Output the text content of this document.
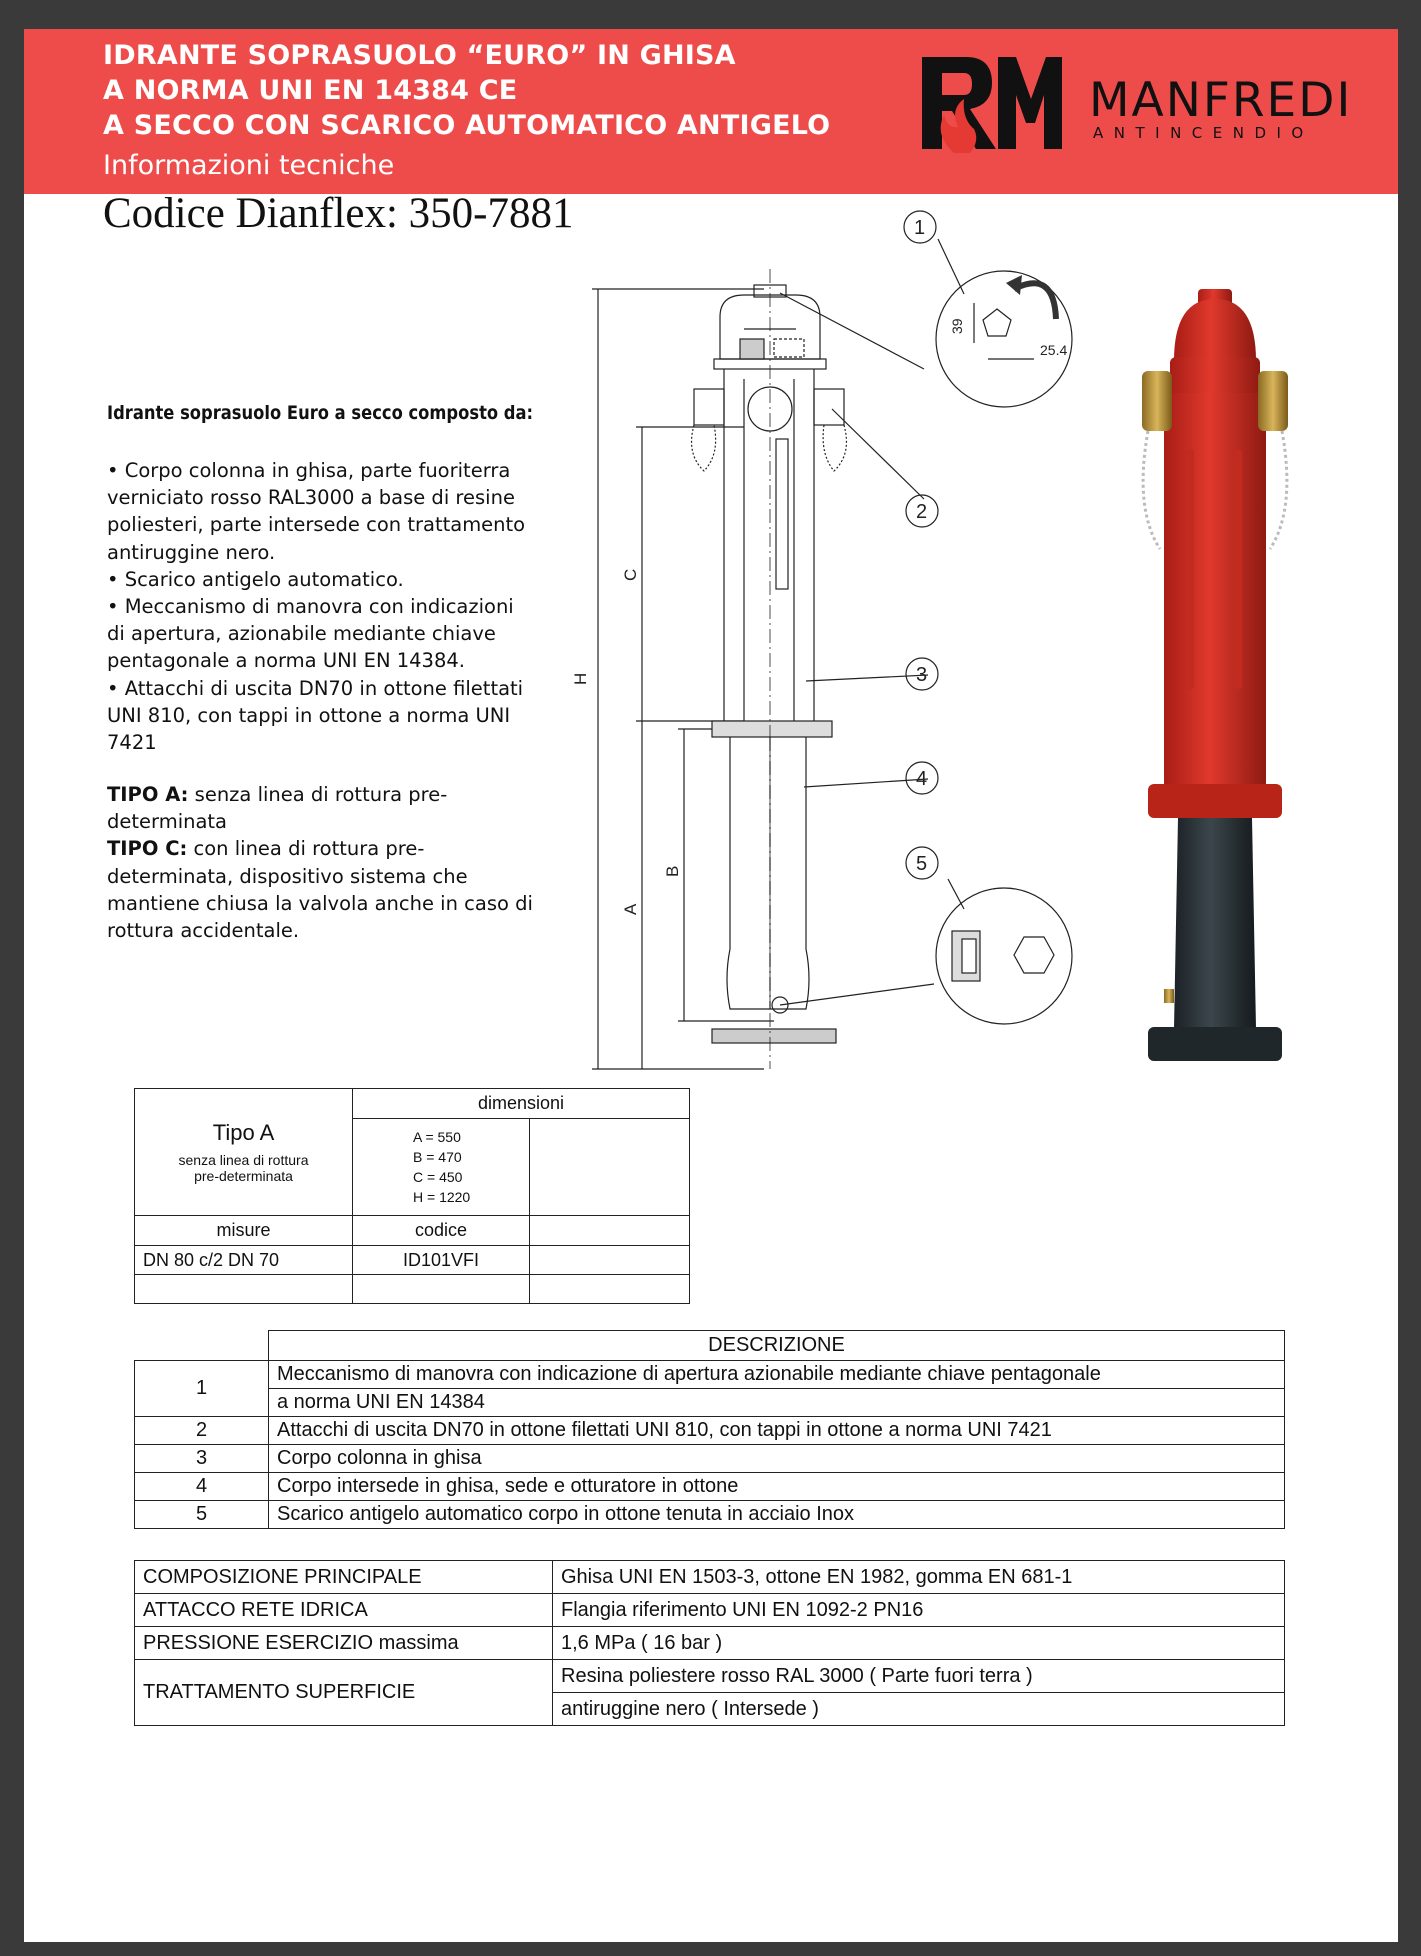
IDRANTE SOPRASUOLO “EURO” IN GHISA
A NORMA UNI EN 14384 CE
A SECCO CON SCARICO AUTOMATICO ANTIGELO
Informazioni tecniche
MANFREDI
ANTINCENDIO
Codice Dianflex: 350-7881
Idrante soprasuolo Euro a secco composto da:

• Corpo colonna in ghisa, parte fuoriterra verniciato rosso RAL3000 a base di resine poliesteri, parte intersede con trattamento antiruggine nero.

• Scarico antigelo automatico.

• Meccanismo di manovra con indicazioni di apertura, azionabile mediante chiave pentagonale a norma UNI EN 14384.

• Attacchi di uscita DN70 in ottone filettati UNI 810, con tappi in ottone a norma UNI 7421

TIPO A: senza linea di rottura pre-determinata

TIPO C: con linea di rottura pre-determinata, dispositivo sistema che mantiene chiusa la valvola anche in caso di rottura accidentale.

H
C
A
B
1
2
3
4
5
39
25.4
Tipo A
senza linea di rottura
pre-determinata	dimensioni	

	A = 550
B = 470
C = 450
H = 1220	

misure	codice	
DN 80 c/2 DN 70	ID101VFI	

	DESCRIZIONE
1	Meccanismo di manovra con indicazione di apertura azionabile mediante chiave pentagonale
	a norma UNI EN 14384
2	Attacchi di uscita DN70 in ottone filettati UNI 810, con tappi in ottone a norma UNI 7421
3	Corpo colonna in ghisa
4	Corpo intersede in ghisa, sede e otturatore in ottone
5	Scarico antigelo automatico corpo in ottone tenuta in acciaio Inox
COMPOSIZIONE PRINCIPALE	Ghisa UNI EN 1503-3, ottone EN 1982, gomma EN 681-1
ATTACCO RETE IDRICA	Flangia riferimento UNI EN 1092-2 PN16
PRESSIONE ESERCIZIO massima	1,6 MPa ( 16 bar )
TRATTAMENTO SUPERFICIE	Resina poliestere rosso RAL 3000 ( Parte fuori terra )
	antiruggine nero ( Intersede )
